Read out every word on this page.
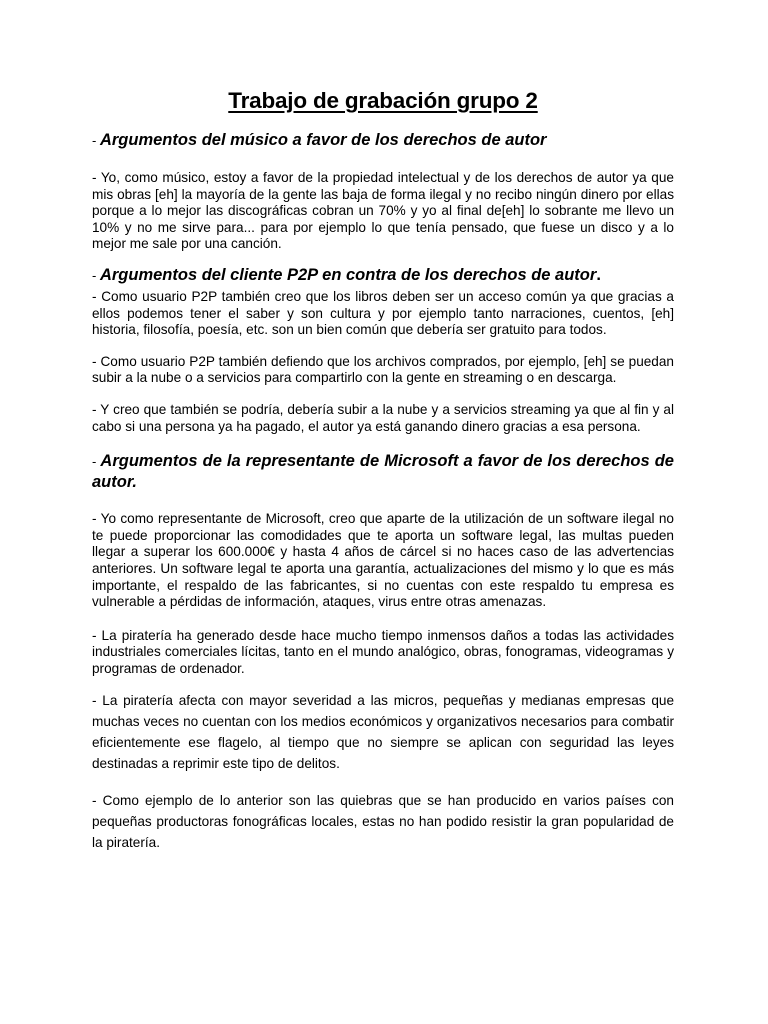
Trabajo de grabación grupo 2
- Argumentos del músico a favor de los derechos de autor

- Yo, como músico, estoy a favor de la propiedad intelectual y de los derechos de autor ya que mis obras [eh] la mayoría de la gente las baja de forma ilegal y no recibo ningún dinero por ellas porque a lo mejor las discográficas cobran un 70% y yo al final de[eh] lo sobrante me llevo un 10% y no me sirve para... para por ejemplo lo que tenía pensado, que fuese un disco y a lo mejor me sale por una canción.

- Argumentos del cliente P2P en contra de los derechos de autor.

- Como usuario P2P también creo que los libros deben ser un acceso común ya que gracias a ellos podemos tener el saber y son cultura y por ejemplo tanto narraciones, cuentos, [eh] historia, filosofía, poesía, etc. son un bien común que debería ser gratuito para todos.

- Como usuario P2P también defiendo que los archivos comprados, por ejemplo, [eh] se puedan subir a la nube o a servicios para compartirlo con la gente en streaming o en descarga.

- Y creo que también se podría, debería subir a la nube y a servicios streaming ya que al fin y al cabo si una persona ya ha pagado, el autor ya está ganando dinero gracias a esa persona.

- Argumentos de la representante de Microsoft a favor de los derechos de autor.

- Yo como representante de Microsoft, creo que aparte de la utilización de un software ilegal no te puede proporcionar las comodidades que te aporta un software legal, las multas pueden llegar a superar los 600.000€ y hasta 4 años de cárcel si no haces caso de las advertencias anteriores. Un software legal te aporta una garantía, actualizaciones del mismo y lo que es más importante, el respaldo de las fabricantes, si no cuentas con este respaldo tu empresa es vulnerable a pérdidas de información, ataques, virus entre otras amenazas.

- La piratería ha generado desde hace mucho tiempo inmensos daños a todas las actividades industriales comerciales lícitas, tanto en el mundo analógico, obras, fonogramas, videogramas y programas de ordenador.

- La piratería afecta con mayor severidad a las micros, pequeñas y medianas empresas que muchas veces no cuentan con los medios económicos y organizativos necesarios para combatir eficientemente ese flagelo, al tiempo que no siempre se aplican con seguridad las leyes destinadas a reprimir este tipo de delitos.

- Como ejemplo de lo anterior son las quiebras que se han producido en varios países con pequeñas productoras fonográficas locales, estas no han podido resistir la gran popularidad de la piratería.
